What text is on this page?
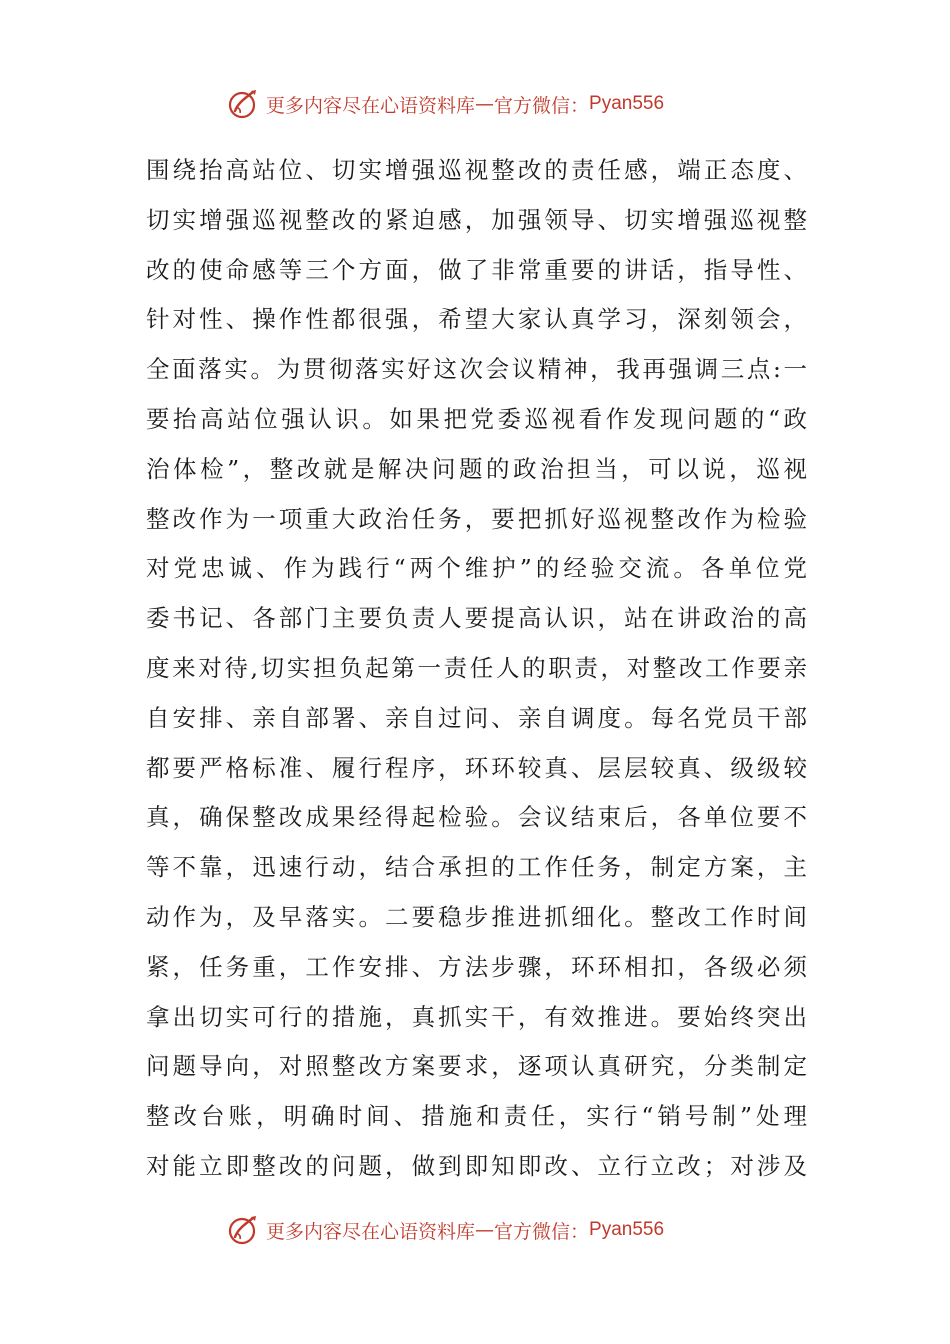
更多内容尽在心语资料库 — 官方微信： Pyan556
围绕抬高站位、切实增强巡视整改的责任感，端正态度、
切实增强巡视整改的紧迫感，加强领导、切实增强巡视整
改的使命感等三个方面，做了非常重要的讲话，指导性、
针对性、操作性都很强，希望大家认真学习，深刻领会，
全面落实。为贯彻落实好这次会议精神，我再强调三点:一
要抬高站位强认识。如果把党委巡视看作发现问题的“政
治体检”，整改就是解决问题的政治担当，可以说，巡视
整改作为一项重大政治任务，要把抓好巡视整改作为检验
对党忠诚、作为践行“两个维护”的经验交流。各单位党
委书记、各部门主要负责人要提高认识，站在讲政治的高
度来对待,切实担负起第一责任人的职责，对整改工作要亲
自安排、亲自部署、亲自过问、亲自调度。每名党员干部
都要严格标准、履行程序，环环较真、层层较真、级级较
真，确保整改成果经得起检验。会议结束后，各单位要不
等不靠，迅速行动，结合承担的工作任务，制定方案，主
动作为，及早落实。二要稳步推进抓细化。整改工作时间
紧，任务重，工作安排、方法步骤，环环相扣，各级必须
拿出切实可行的措施，真抓实干，有效推进。要始终突出
问题导向，对照整改方案要求，逐项认真研究，分类制定
整改台账，明确时间、措施和责任，实行“销号制”处理
对能立即整改的问题，做到即知即改、立行立改；对涉及
更多内容尽在心语资料库 — 官方微信： Pyan556
